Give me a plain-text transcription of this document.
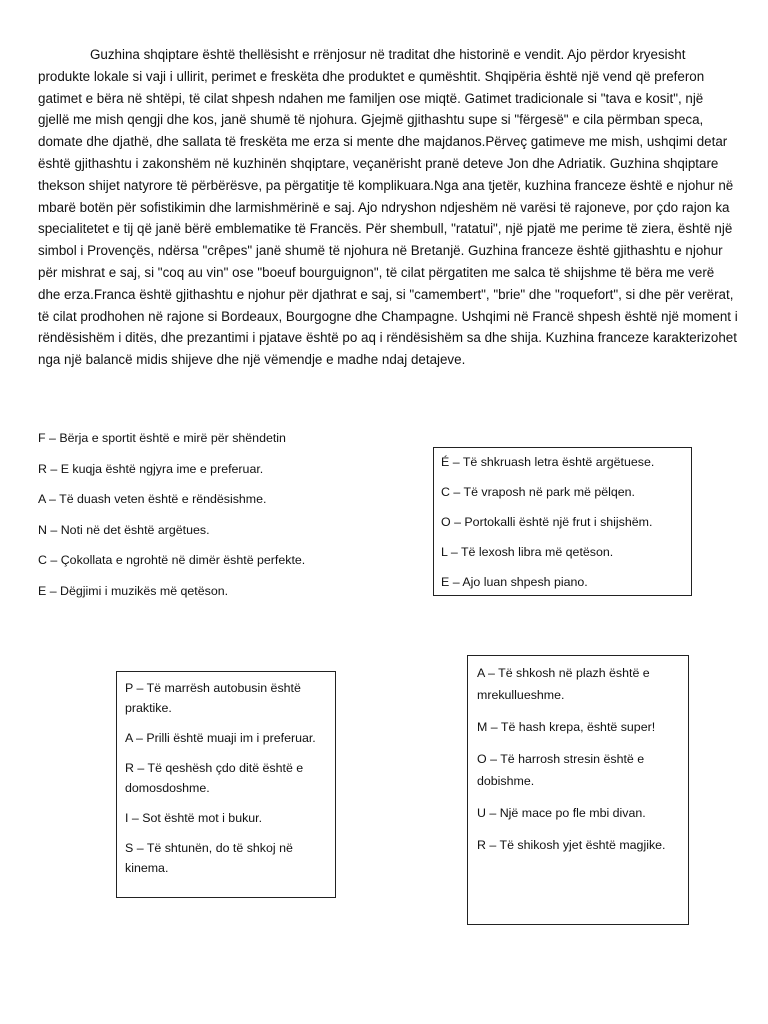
Guzhina shqiptare është thellësisht e rrënjosur në traditat dhe historinë e vendit. Ajo përdor kryesisht produkte lokale si vaji i ullirit, perimet e freskëta dhe produktet e qumështit. Shqipëria është një vend që preferon gatimet e bëra në shtëpi, të cilat shpesh ndahen me familjen ose miqtë. Gatimet tradicionale si "tava e kosit", një gjellë me mish qengji dhe kos, janë shumë të njohura. Gjejmë gjithashtu supe si "fërgesë" e cila përmban speca, domate dhe djathë, dhe sallata të freskëta me erza si mente dhe majdanos.Përveç gatimeve me mish, ushqimi detar është gjithashtu i zakonshëm në kuzhinën shqiptare, veçanërisht pranë deteve Jon dhe Adriatik. Guzhina shqiptare thekson shijet natyrore të përbërësve, pa përgatitje të komplikuara.Nga ana tjetër, kuzhina franceze është e njohur në mbarë botën për sofistikimin dhe larmishmërinë e saj. Ajo ndryshon ndjeshëm në varësi të rajoneve, por çdo rajon ka specialitetet e tij që janë bërë emblematike të Francës. Për shembull, "ratatui", një pjatë me perime të ziera, është një simbol i Provençës, ndërsa "crêpes" janë shumë të njohura në Bretanjë. Guzhina franceze është gjithashtu e njohur për mishrat e saj, si "coq au vin" ose "boeuf bourguignon", të cilat përgatiten me salca të shijshme të bëra me verë dhe erza.Franca është gjithashtu e njohur për djathrat e saj, si "camembert", "brie" dhe "roquefort", si dhe për verërat, të cilat prodhohen në rajone si Bordeaux, Bourgogne dhe Champagne. Ushqimi në Francë shpesh është një moment i rëndësishëm i ditës, dhe prezantimi i pjatave është po aq i rëndësishëm sa dhe shija. Kuzhina franceze karakterizohet nga një balancë midis shijeve dhe një vëmendje e madhe ndaj detajeve.

F – Bërja e sportit është e mirë për shëndetin
R – E kuqja është ngjyra ime e preferuar.
A – Të duash veten është e rëndësishme.
N – Noti në det është argëtues.
C – Çokollata e ngrohtë në dimër është perfekte.
E – Dëgjimi i muzikës më qetëson.
É – Të shkruash letra është argëtuese.
C – Të vraposh në park më pëlqen.
O – Portokalli është një frut i shijshëm.
L – Të lexosh libra më qetëson.
E – Ajo luan shpesh piano.
P – Të marrësh autobusin është praktike.
A – Prilli është muaji im i preferuar.
R – Të qeshësh çdo ditë është e domosdoshme.
I – Sot është mot i bukur.
S – Të shtunën, do të shkoj në kinema.
A – Të shkosh në plazh është e mrekullueshme.
M – Të hash krepa, është super!
O – Të harrosh stresin është e dobishme.
U – Një mace po fle mbi divan.
R – Të shikosh yjet është magjike.
